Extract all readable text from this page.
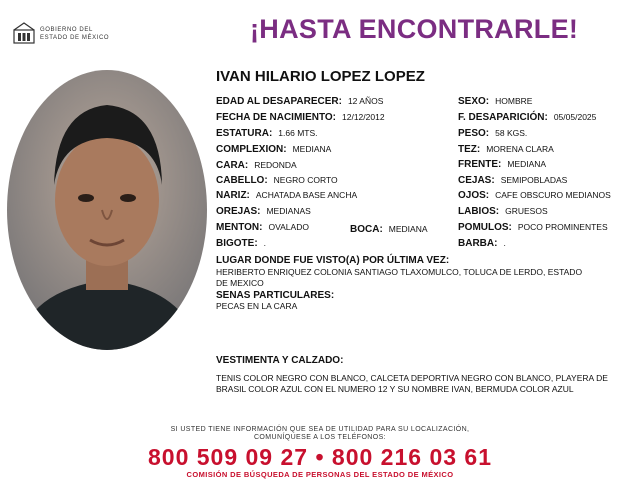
GOBIERNO DEL
ESTADO DE MÉXICO	¡HASTA ENCONTRARLE!
IVAN HILARIO LOPEZ LOPEZ
EDAD AL DESAPARECER: 12 AÑOS
FECHA DE NACIMIENTO: 12/12/2012
ESTATURA: 1.66 MTS.
COMPLEXION: MEDIANA
CARA: REDONDA
CABELLO: NEGRO CORTO
NARIZ: ACHATADA BASE ANCHA
OREJAS: MEDIANAS
MENTON: OVALADO
BIGOTE: .
BOCA: MEDIANA
SEXO: HOMBRE
F. DESAPARICIÓN: 05/05/2025
PESO: 58 KGS.
TEZ: MORENA CLARA
FRENTE: MEDIANA
CEJAS: SEMIPOBLADAS
OJOS: CAFE OBSCURO MEDIANOS
LABIOS: GRUESOS
POMULOS: POCO PROMINENTES
BARBA: .
LUGAR DONDE FUE VISTO(A) POR ÚLTIMA VEZ:
HERIBERTO ENRIQUEZ COLONIA SANTIAGO TLAXOMULCO, TOLUCA DE LERDO, ESTADO DE MEXICO
SENAS PARTICULARES:
PECAS EN LA CARA
VESTIMENTA Y CALZADO:
TENIS COLOR NEGRO CON BLANCO, CALCETA DEPORTIVA NEGRO CON BLANCO, PLAYERA DE BRASIL COLOR AZUL CON EL NUMERO 12 Y SU NOMBRE IVAN, BERMUDA COLOR AZUL
SI USTED TIENE INFORMACIÓN QUE SEA DE UTILIDAD PARA SU LOCALIZACIÓN,
COMUNÍQUESE A LOS TELÉFONOS:
800 509 09 27 • 800 216 03 61
COMISIÓN DE BÚSQUEDA DE PERSONAS DEL ESTADO DE MÉXICO
